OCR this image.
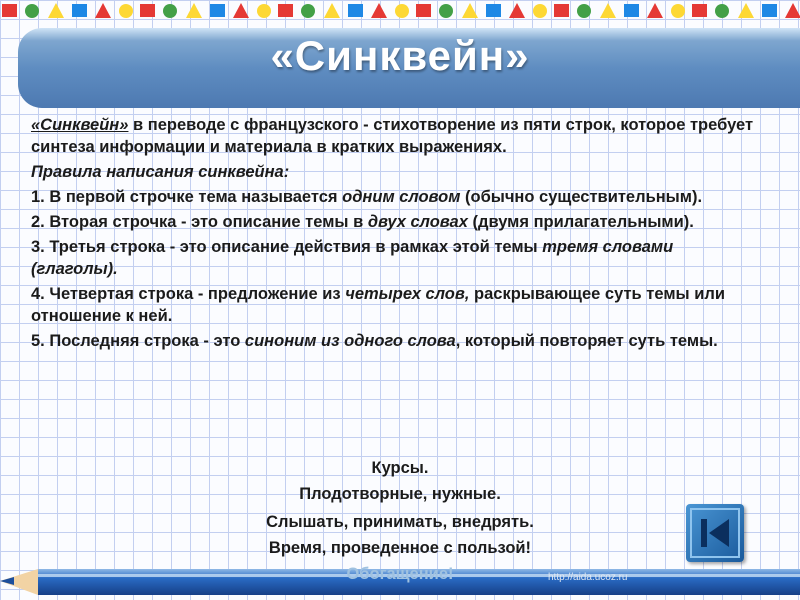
«Синквейн»

«Синквейн» в переводе с французского - стихотворение из пяти строк, которое требует синтеза информации и материала в кратких выражениях.

Правила написания синквейна:

1. В первой строчке тема называется одним словом (обычно существительным).

2. Вторая строчка - это описание темы в двух словах (двумя прилагательными).

3. Третья строка - это описание действия в рамках этой темы тремя словами (глаголы).

4. Четвертая строка - предложение из четырех слов, раскрывающее суть темы или отношение к ней.

5. Последняя строка - это синоним из одного слова, который повторяет суть темы.

Курсы.
Плодотворные, нужные.
Слышать, принимать, внедрять.
Время, проведенное с пользой!
Обогащение!	http://aida.ucoz.ru
